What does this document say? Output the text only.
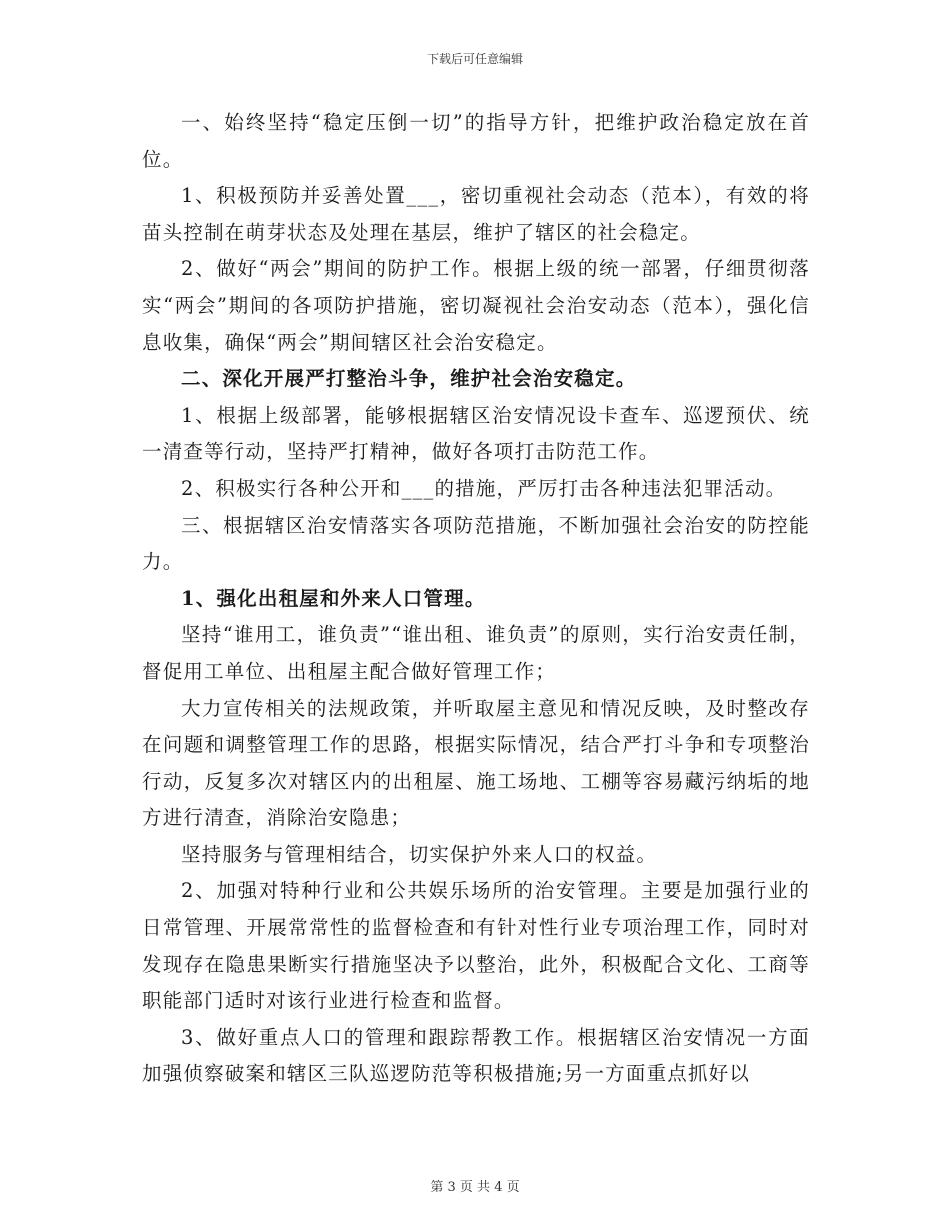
下载后可任意编辑

一、始终坚持“稳定压倒一切”的指导方针，把维护政治稳定放在首位。

1、积极预防并妥善处置___，密切重视社会动态（范本），有效的将苗头控制在萌芽状态及处理在基层，维护了辖区的社会稳定。

2、做好“两会”期间的防护工作。根据上级的统一部署，仔细贯彻落实“两会”期间的各项防护措施，密切凝视社会治安动态（范本），强化信息收集，确保“两会”期间辖区社会治安稳定。

二、深化开展严打整治斗争，维护社会治安稳定。

1、根据上级部署，能够根据辖区治安情况设卡查车、巡逻预伏、统一清查等行动，坚持严打精神，做好各项打击防范工作。

2、积极实行各种公开和___的措施，严厉打击各种违法犯罪活动。

三、根据辖区治安情落实各项防范措施，不断加强社会治安的防控能力。

1、强化出租屋和外来人口管理。

坚持“谁用工，谁负责”“谁出租、谁负责”的原则，实行治安责任制，督促用工单位、出租屋主配合做好管理工作；

大力宣传相关的法规政策，并听取屋主意见和情况反映，及时整改存在问题和调整管理工作的思路，根据实际情况，结合严打斗争和专项整治行动，反复多次对辖区内的出租屋、施工场地、工棚等容易藏污纳垢的地方进行清查，消除治安隐患；

坚持服务与管理相结合，切实保护外来人口的权益。

2、加强对特种行业和公共娱乐场所的治安管理。主要是加强行业的日常管理、开展常常性的监督检查和有针对性行业专项治理工作，同时对发现存在隐患果断实行措施坚决予以整治，此外，积极配合文化、工商等职能部门适时对该行业进行检查和监督。

3、做好重点人口的管理和跟踪帮教工作。根据辖区治安情况一方面加强侦察破案和辖区三队巡逻防范等积极措施;另一方面重点抓好以

第 3 页 共 4 页
